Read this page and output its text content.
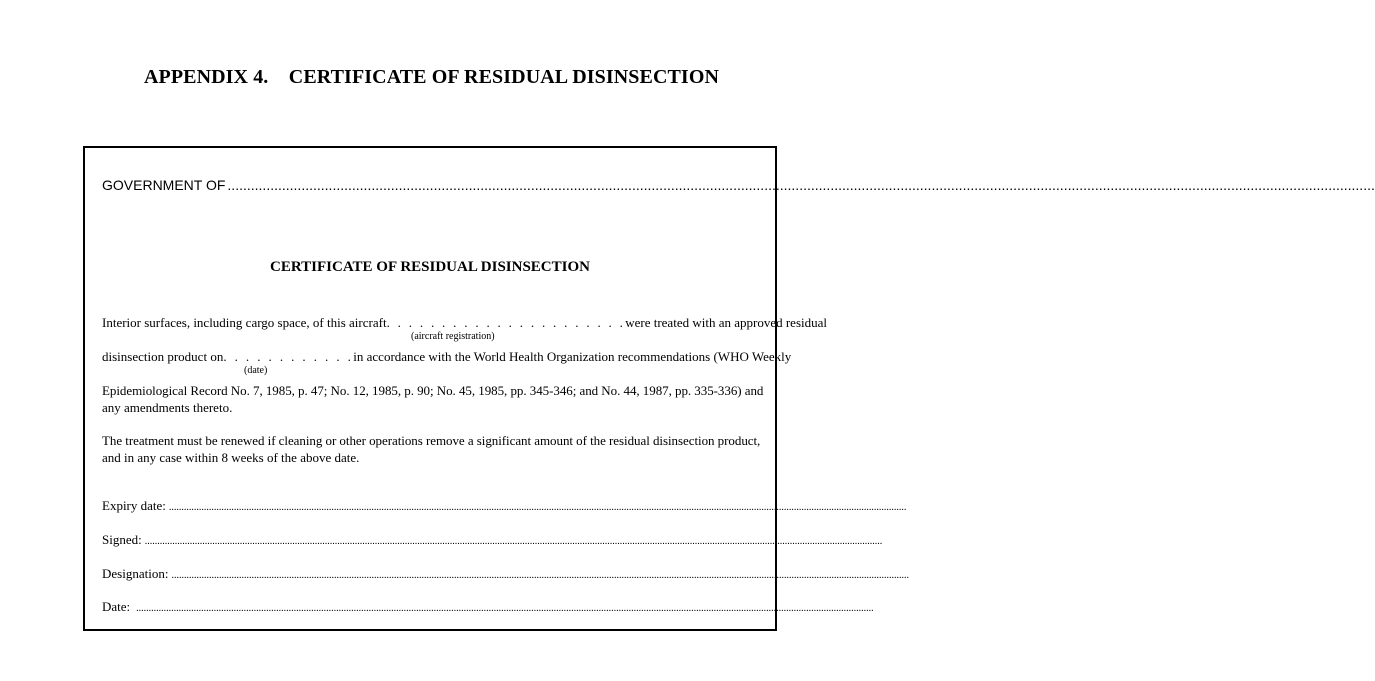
APPENDIX 4.    CERTIFICATE OF RESIDUAL DISINSECTION
GOVERNMENT OF .......................................................................................................................................................................................................................................................................................................
CERTIFICATE OF RESIDUAL DISINSECTION
Interior surfaces, including cargo space, of this aircraft . . . . . . . . . . . . . . . . . . . . . . were treated with an approved residual
(aircraft registration)
disinsection product on . . . . . . . . . . . . in accordance with the World Health Organization recommendations (WHO Weekly
(date)
Epidemiological Record No. 7, 1985, p. 47; No. 12, 1985, p. 90; No. 45, 1985, pp. 345-346; and No. 44, 1987, pp. 335-336) and
any amendments thereto.
The treatment must be renewed if cleaning or other operations remove a significant amount of the residual disinsection product,
and in any case within 8 weeks of the above date.
Expiry date: .......................................................................................................................................................................................................................................................................................................
Signed: .......................................................................................................................................................................................................................................................................................................
Designation: .......................................................................................................................................................................................................................................................................................................
Date: .......................................................................................................................................................................................................................................................................................................
